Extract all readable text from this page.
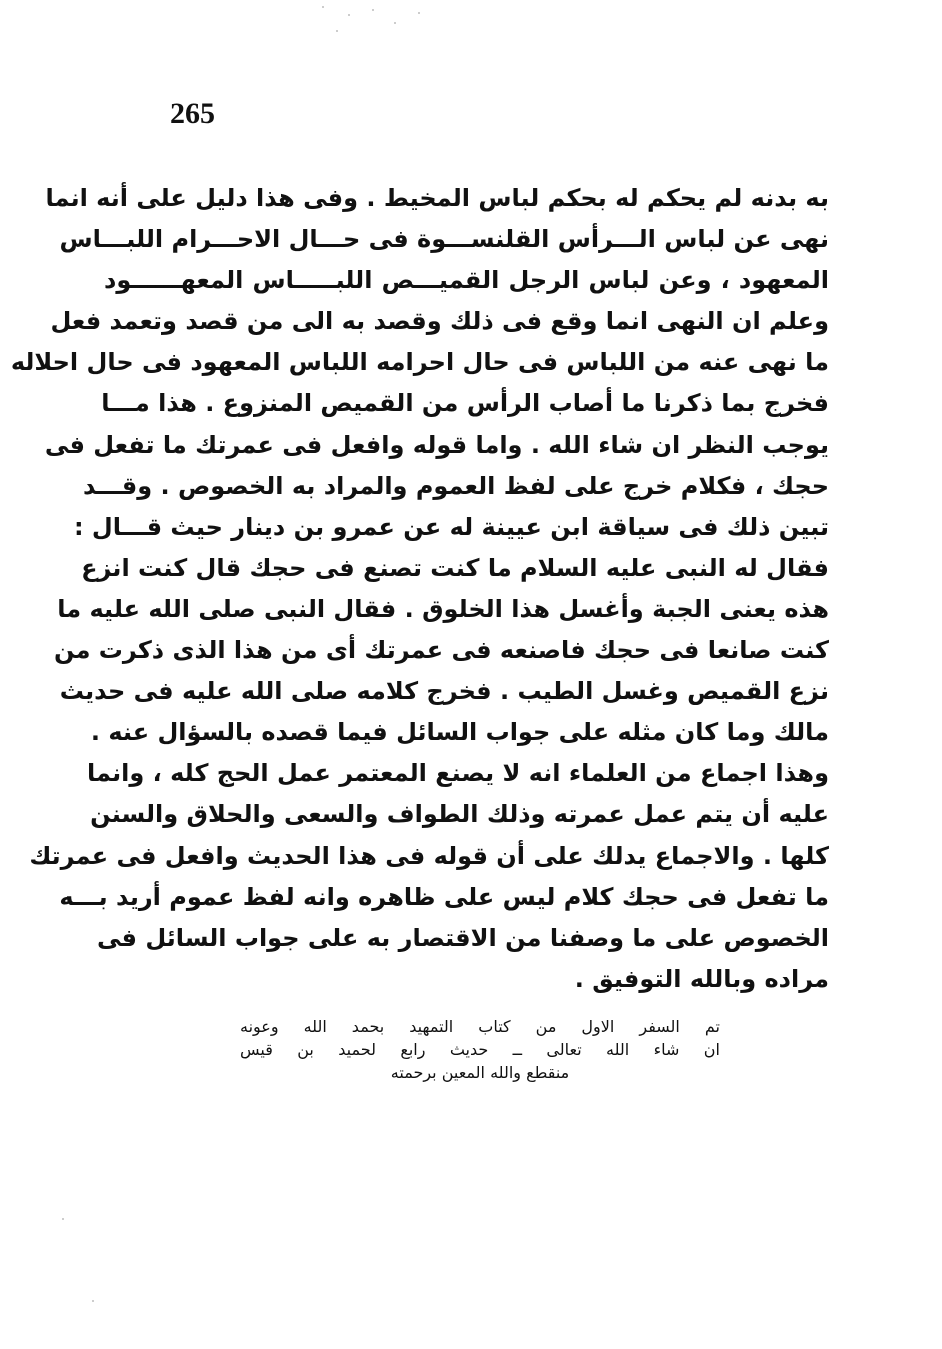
265
به بدنه لم يحكم له بحكم لباس المخيط . وفى هذا دليل على أنه انما
نهى عن لباس الـــرأس القلنســـوة فى حـــال الاحـــرام اللبـــاس
المعهود ، وعن لباس الرجل القميـــص اللبـــــاس المعهــــــود
وعلم ان النهى انما وقع فى ذلك وقصد به الى من قصد وتعمد فعل
ما نهى عنه من اللباس فى حال احرامه اللباس المعهود فى حال احلاله
فخرج بما ذكرنا ما أصاب الرأس من القميص المنزوع . هذا مـــا
يوجب النظر ان شاء الله . واما قوله وافعل فى عمرتك ما تفعل فى
حجك ، فكلام خرج على لفظ العموم والمراد به الخصوص . وقـــد
تبين ذلك فى سياقة ابن عيينة له عن عمرو بن دينار حيث قـــال :
فقال له النبى عليه السلام ما كنت تصنع فى حجك قال كنت انزع
هذه يعنى الجبة وأغسل هذا الخلوق . فقال النبى صلى الله عليه ما
كنت صانعا فى حجك فاصنعه فى عمرتك أى من هذا الذى ذكرت من
نزع القميص وغسل الطيب . فخرج كلامه صلى الله عليه فى حديث
مالك وما كان مثله على جواب السائل فيما قصده بالسؤال عنه .
وهذا اجماع من العلماء انه لا يصنع المعتمر عمل الحج كله ، وانما
عليه أن يتم عمل عمرته وذلك الطواف والسعى والحلاق والسنن
كلها . والاجماع يدلك على أن قوله فى هذا الحديث وافعل فى عمرتك
ما تفعل فى حجك كلام ليس على ظاهره وانه لفظ عموم أريد بـــه
الخصوص على ما وصفنا من الاقتصار به على جواب السائل فى
مراده وبالله التوفيق .
تم السفر الاول من كتاب التمهيد بحمد الله وعونه
ان شاء الله تعالى ــ حديث رابع لحميد بن قيس
منقطع والله المعين برحمته
